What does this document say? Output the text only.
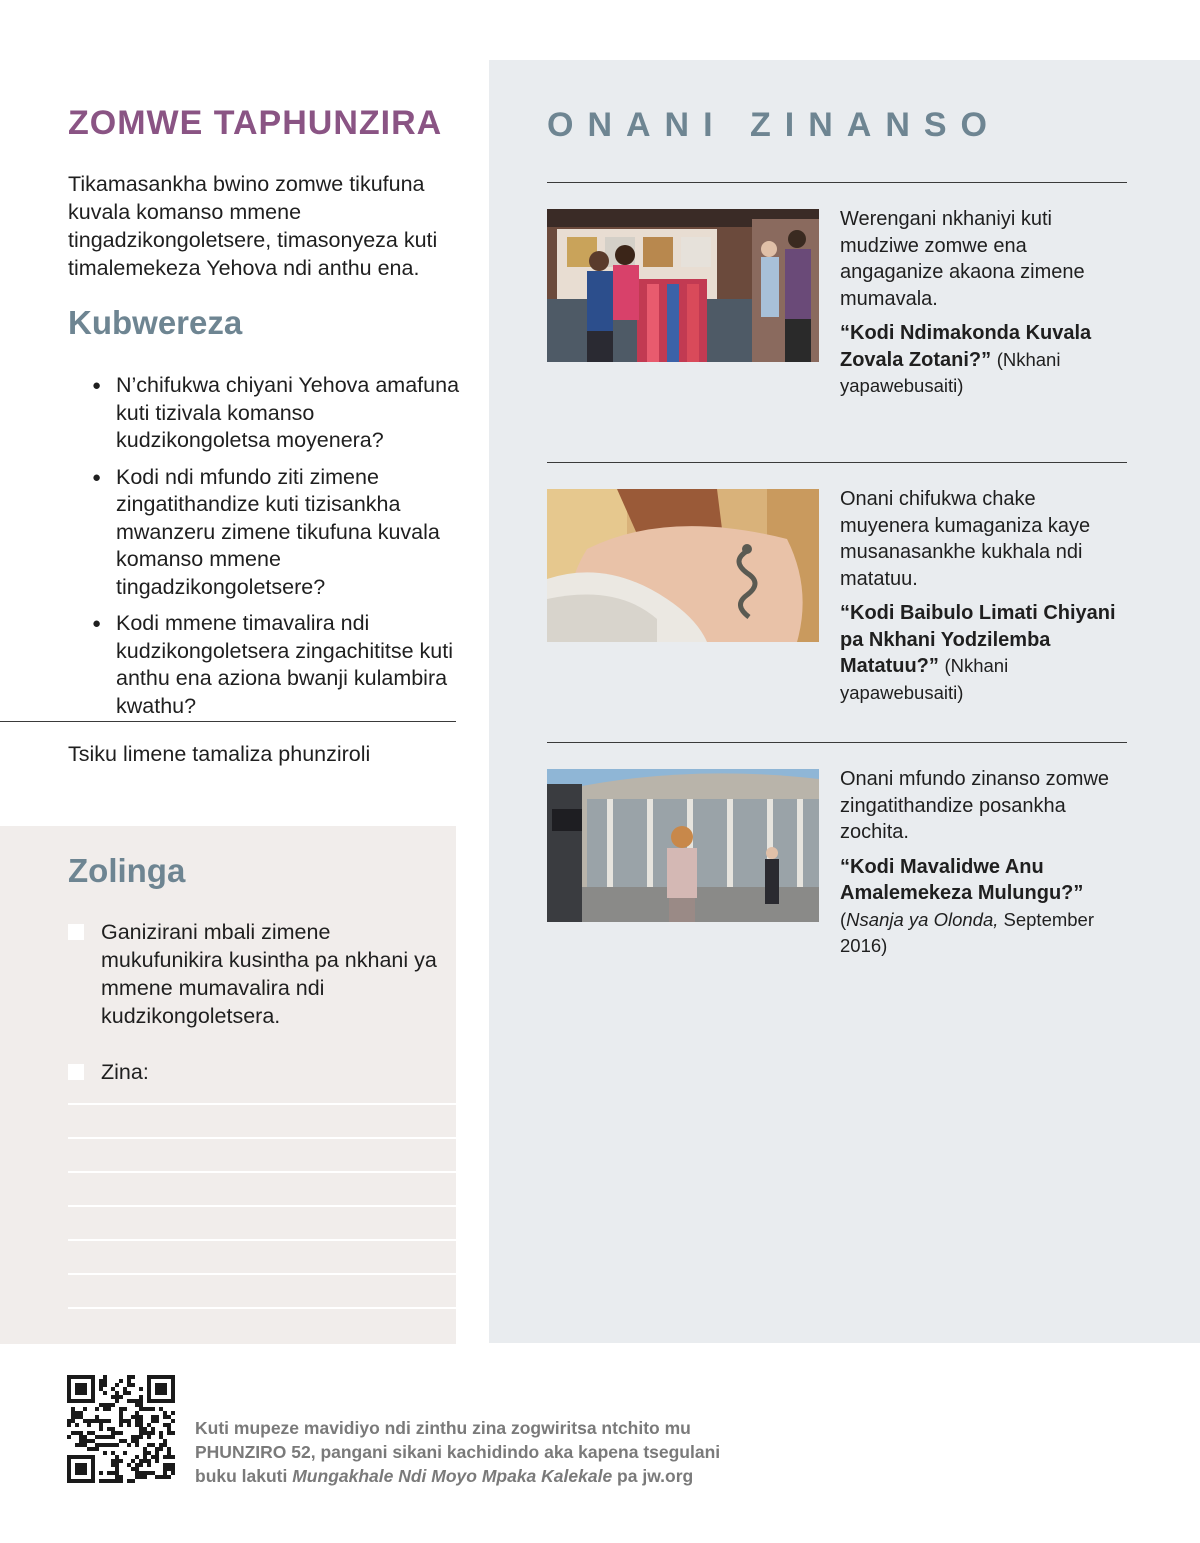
ZOMWE TAPHUNZIRA

Tikamasankha bwino zomwe tikufuna kuvala komanso mmene tingadzikongoletsere, timasonyeza kuti timalemekeza Yehova ndi anthu ena.

Kubwereza
● N’chifukwa chiyani Yehova amafuna kuti tizivala komanso kudzikongoletsa moyenera?
● Kodi ndi mfundo ziti zimene zingatithandize kuti tizisankha mwanzeru zimene tikufuna kuvala komanso mmene tingadzikongoletsere?
● Kodi mmene timavalira ndi kudzikongoletsera zingachititse kuti anthu ena aziona bwanji kulambira kwathu?

Tsiku limene tamaliza phunziroli

Zolinga
Ganizirani mbali zimene mukufunikira kusintha pa nkhani ya mmene mumavalira ndi kudzikongoletsera.
Zina:
ONANI ZINANSO

Werengani nkhaniyi kuti mudziwe zomwe ena angaganize akaona zimene mumavala.

“Kodi Ndimakonda Kuvala Zovala Zotani?” (Nkhani yapawebusaiti)

Onani chifukwa chake muyenera kumaganiza kaye musanasankhe kukhala ndi matatuu.

“Kodi Baibulo Limati Chiyani pa Nkhani Yodzilemba Matatuu?” (Nkhani yapawebusaiti)

Onani mfundo zinanso zomwe zingatithandize posankha zochita.

“Kodi Mavalidwe Anu Amalemekeza Mulungu?” (Nsanja ya Olonda, September 2016)

Kuti mupeze mavidiyo ndi zinthu zina zogwiritsa ntchito mu PHUNZIRO 52, pangani sikani kachidindo aka kapena tsegulani buku lakuti Mungakhale Ndi Moyo Mpaka Kalekale pa jw.org
